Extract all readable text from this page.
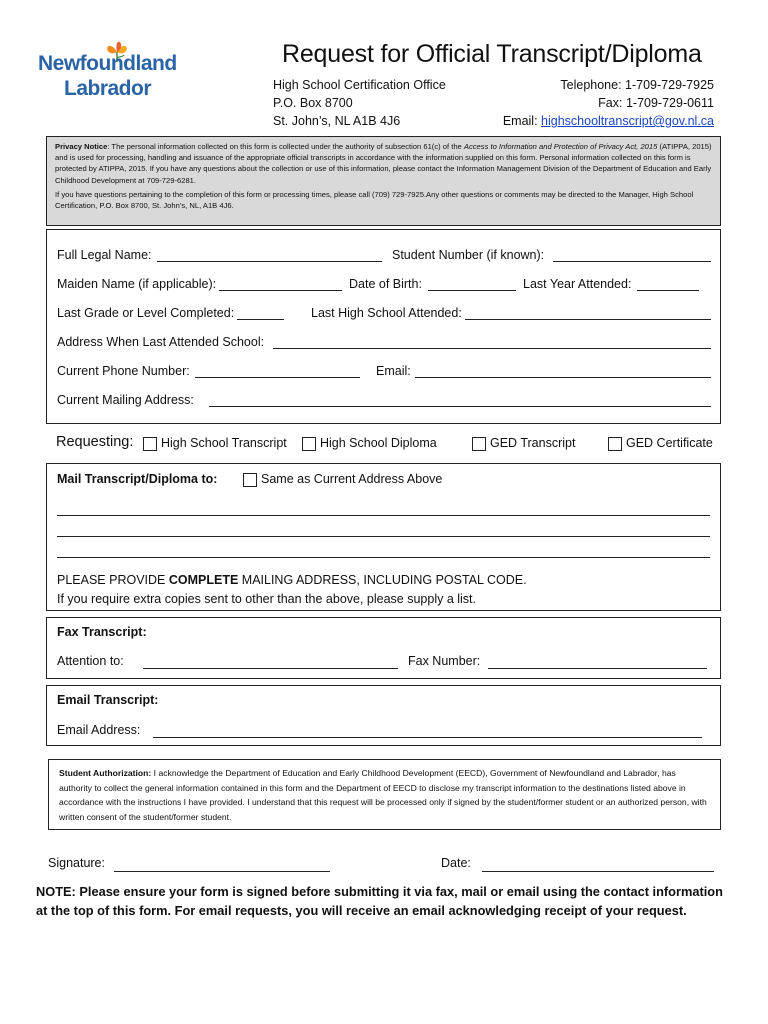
Newfoundland
Labrador
Request for Official Transcript/Diploma
High School Certification Office
P.O. Box 8700
St. John’s, NL A1B 4J6
Telephone: 1-709-729-7925
Fax: 1-709-729-0611
Email: highschooltranscript@gov.nl.ca

Privacy Notice: The personal information collected on this form is collected under the authority of subsection 61(c) of the Access to Information and Protection of Privacy Act, 2015 (ATIPPA, 2015) and is used for processing, handling and issuance of the appropriate official transcripts in accordance with the information supplied on this form. Personal information collected on this form is protected by ATIPPA, 2015. If you have any questions about the collection or use of this information, please contact the Information Management Division of the Department of Education and Early Childhood Development at 709-729-6281.

If you have questions pertaining to the completion of this form or processing times, please call (709) 729-7925.Any other questions or comments may be directed to the Manager, High School Certification, P.O. Box 8700, St. John’s, NL, A1B 4J6.

Full Legal Name:	Student Number (if known):
Maiden Name (if applicable):	Date of Birth:	Last Year Attended:
Last Grade or Level Completed:	Last High School Attended:
Address When Last Attended School:
Current Phone Number:	Email:
Current Mailing Address:
Requesting: High School Transcript	High School Diploma	GED Transcript	GED Certificate
Mail Transcript/Diploma to:	Same as Current Address Above
PLEASE PROVIDE COMPLETE MAILING ADDRESS, INCLUDING POSTAL CODE.
If you require extra copies sent to other than the above, please supply a list.
Fax Transcript:
Attention to:	Fax Number:
Email Transcript:
Email Address:
Student Authorization: I acknowledge the Department of Education and Early Childhood Development (EECD), Government of Newfoundland and Labrador, has authority to collect the general information contained in this form and the Department of EECD to disclose my transcript information to the destinations listed above in accordance with the instructions I have provided. I understand that this request will be processed only if signed by the student/former student or an authorized person, with written consent of the student/former student.
Signature:	Date:
NOTE: Please ensure your form is signed before submitting it via fax, mail or email using the contact information at the top of this form. For email requests, you will receive an email acknowledging receipt of your request.
